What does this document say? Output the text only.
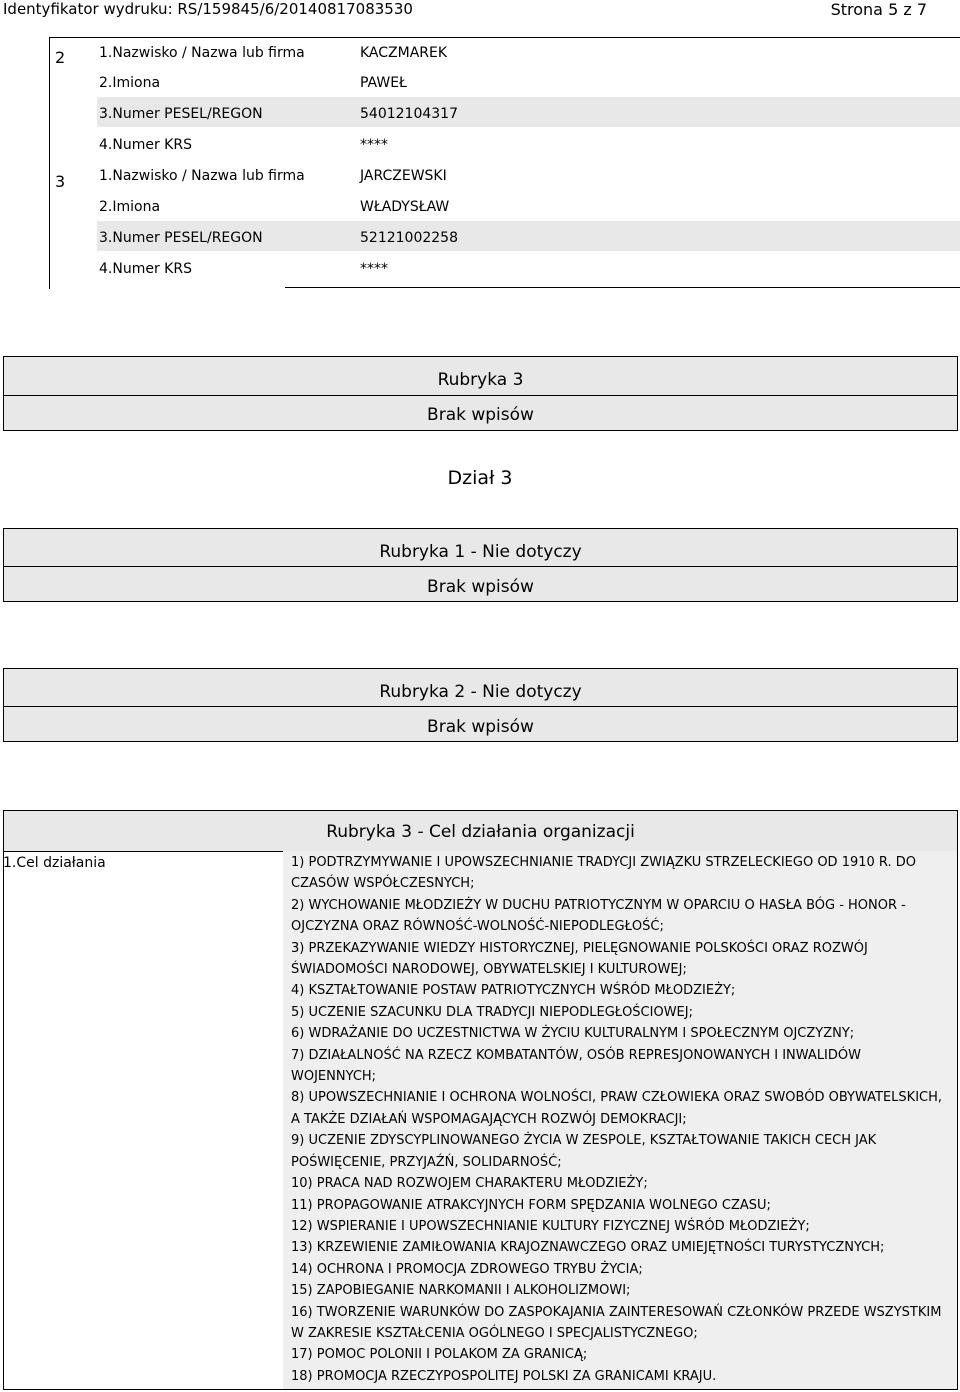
Identyfikator wydruku: RS/159845/6/20140817083530	Strona 5 z 7
2 1.Nazwisko / Nazwa lub firma	KACZMAREK
2.Imiona	PAWEŁ
3.Numer PESEL/REGON	54012104317
4.Numer KRS	****
3 1.Nazwisko / Nazwa lub firma	JARCZEWSKI
2.Imiona	WŁADYSŁAW
3.Numer PESEL/REGON	52121002258
4.Numer KRS	****
Rubryka 3
Brak wpisów
Dział 3
Rubryka 1 - Nie dotyczy
Brak wpisów
Rubryka 2 - Nie dotyczy
Brak wpisów
Rubryka 3 - Cel działania organizacji
1.Cel działania	1) PODTRZYMYWANIE I UPOWSZECHNIANIE TRADYCJI ZWIĄZKU STRZELECKIEGO OD 1910 R. DO
CZASÓW WSPÓŁCZESNYCH;
2) WYCHOWANIE MŁODZIEŻY W DUCHU PATRIOTYCZNYM W OPARCIU O HASŁA BÓG - HONOR -
OJCZYZNA ORAZ RÓWNOŚĆ-WOLNOŚĆ-NIEPODLEGŁOŚĆ;
3) PRZEKAZYWANIE WIEDZY HISTORYCZNEJ, PIELĘGNOWANIE POLSKOŚCI ORAZ ROZWÓJ
ŚWIADOMOŚCI NARODOWEJ, OBYWATELSKIEJ I KULTUROWEJ;
4) KSZTAŁTOWANIE POSTAW PATRIOTYCZNYCH WŚRÓD MŁODZIEŻY;
5) UCZENIE SZACUNKU DLA TRADYCJI NIEPODLEGŁOŚCIOWEJ;
6) WDRAŻANIE DO UCZESTNICTWA W ŻYCIU KULTURALNYM I SPOŁECZNYM OJCZYZNY;
7) DZIAŁALNOŚĆ NA RZECZ KOMBATANTÓW, OSÓB REPRESJONOWANYCH I INWALIDÓW
WOJENNYCH;
8) UPOWSZECHNIANIE I OCHRONA WOLNOŚCI, PRAW CZŁOWIEKA ORAZ SWOBÓD OBYWATELSKICH,
A TAKŻE DZIAŁAŃ WSPOMAGAJĄCYCH ROZWÓJ DEMOKRACJI;
9) UCZENIE ZDYSCYPLINOWANEGO ŻYCIA W ZESPOLE, KSZTAŁTOWANIE TAKICH CECH JAK
POŚWIĘCENIE, PRZYJAŹŃ, SOLIDARNOŚĆ;
10) PRACA NAD ROZWOJEM CHARAKTERU MŁODZIEŻY;
11) PROPAGOWANIE ATRAKCYJNYCH FORM SPĘDZANIA WOLNEGO CZASU;
12) WSPIERANIE I UPOWSZECHNIANIE KULTURY FIZYCZNEJ WŚRÓD MŁODZIEŻY;
13) KRZEWIENIE ZAMIŁOWANIA KRAJOZNAWCZEGO ORAZ UMIEJĘTNOŚCI TURYSTYCZNYCH;
14) OCHRONA I PROMOCJA ZDROWEGO TRYBU ŻYCIA;
15) ZAPOBIEGANIE NARKOMANII I ALKOHOLIZMOWI;
16) TWORZENIE WARUNKÓW DO ZASPOKAJANIA ZAINTERESOWAŃ CZŁONKÓW PRZEDE WSZYSTKIM
W ZAKRESIE KSZTAŁCENIA OGÓLNEGO I SPECJALISTYCZNEGO;
17) POMOC POLONII I POLAKOM ZA GRANICĄ;
18) PROMOCJA RZECZYPOSPOLITEJ POLSKI ZA GRANICAMI KRAJU.
